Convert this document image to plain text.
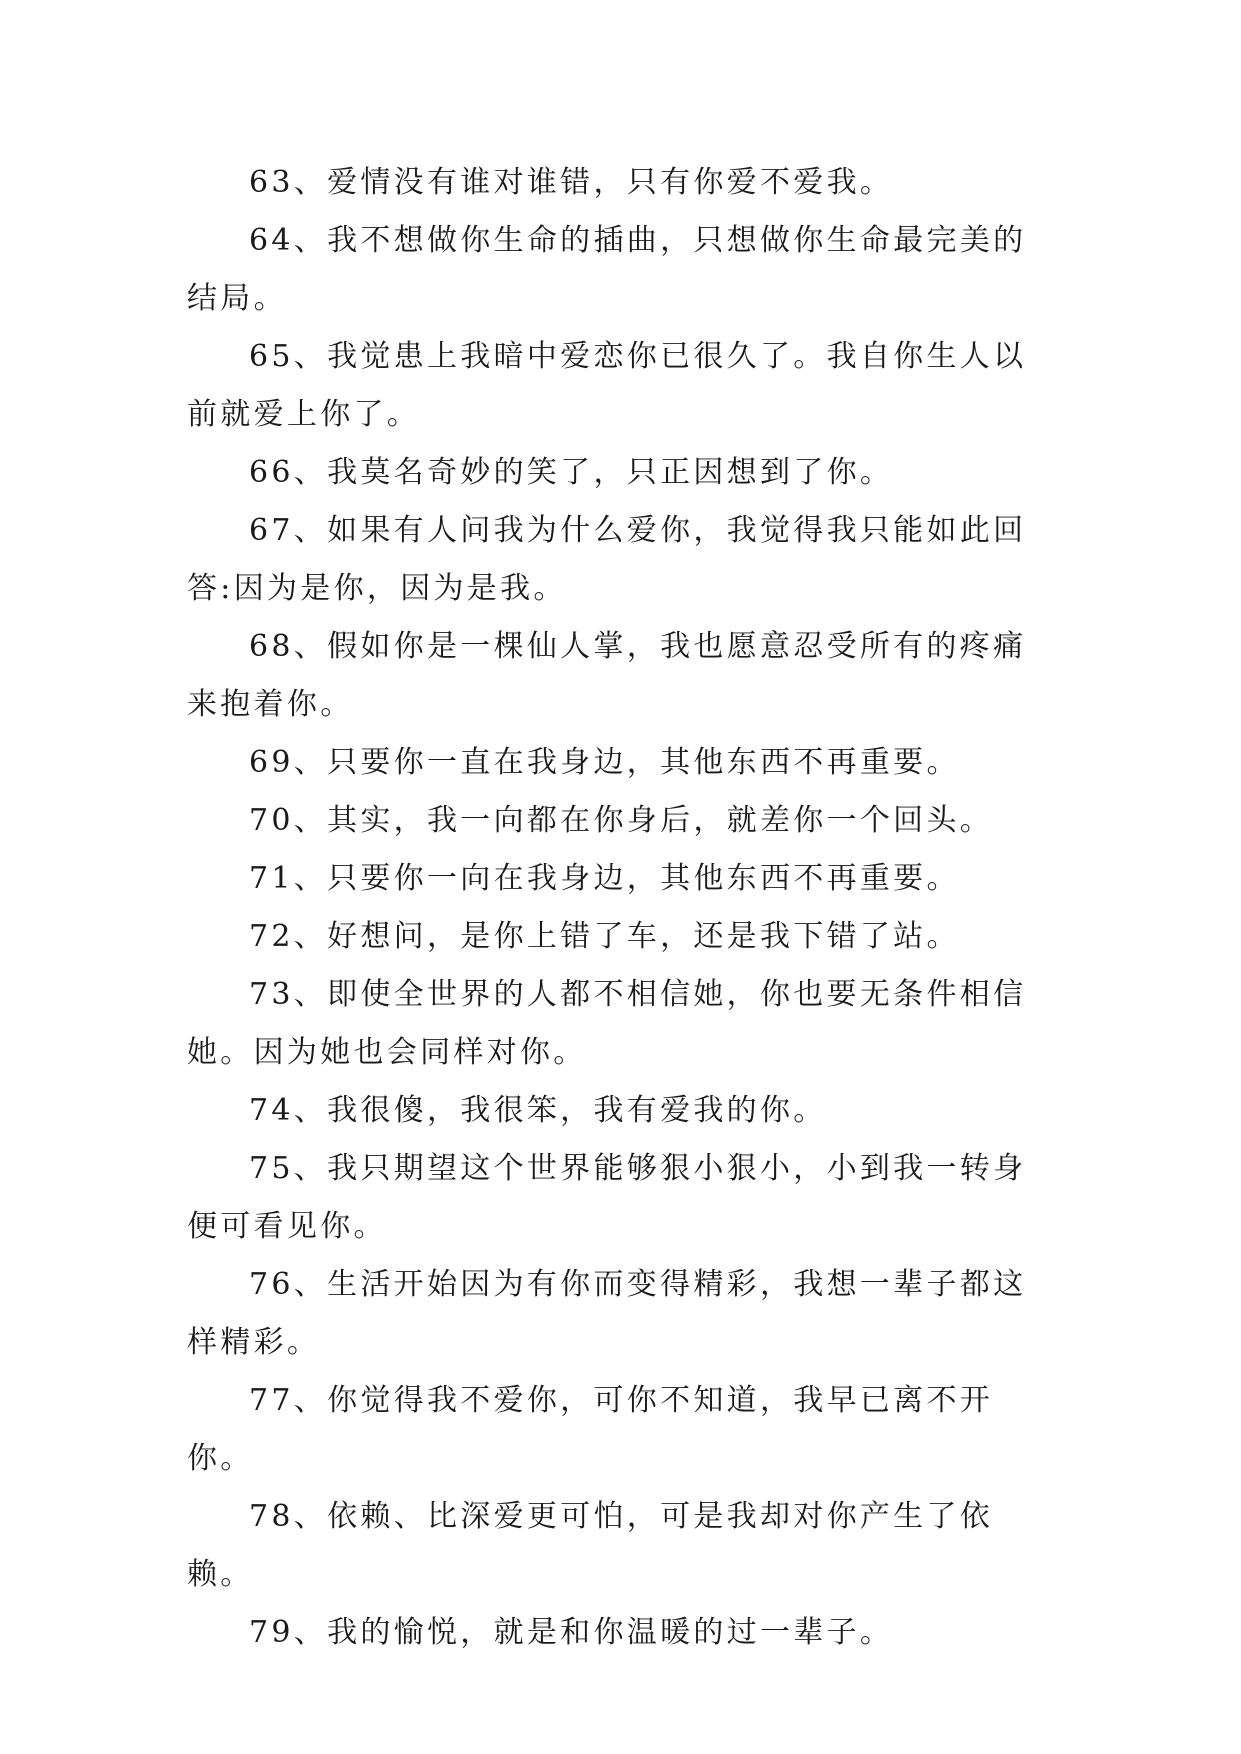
63、爱情没有谁对谁错，只有你爱不爱我。

64、我不想做你生命的插曲，只想做你生命最完美的结局。

65、我觉患上我暗中爱恋你已很久了。我自你生人以前就爱上你了。

66、我莫名奇妙的笑了，只正因想到了你。

67、如果有人问我为什么爱你，我觉得我只能如此回答:因为是你，因为是我。

68、假如你是一棵仙人掌，我也愿意忍受所有的疼痛来抱着你。

69、只要你一直在我身边，其他东西不再重要。

70、其实，我一向都在你身后，就差你一个回头。

71、只要你一向在我身边，其他东西不再重要。

72、好想问，是你上错了车，还是我下错了站。

73、即使全世界的人都不相信她，你也要无条件相信她。因为她也会同样对你。

74、我很傻，我很笨，我有爱我的你。

75、我只期望这个世界能够狠小狠小，小到我一转身便可看见你。

76、生活开始因为有你而变得精彩，我想一辈子都这样精彩。

77、你觉得我不爱你，可你不知道，我早已离不开你。

78、依赖、比深爱更可怕，可是我却对你产生了依赖。

79、我的愉悦，就是和你温暖的过一辈子。
